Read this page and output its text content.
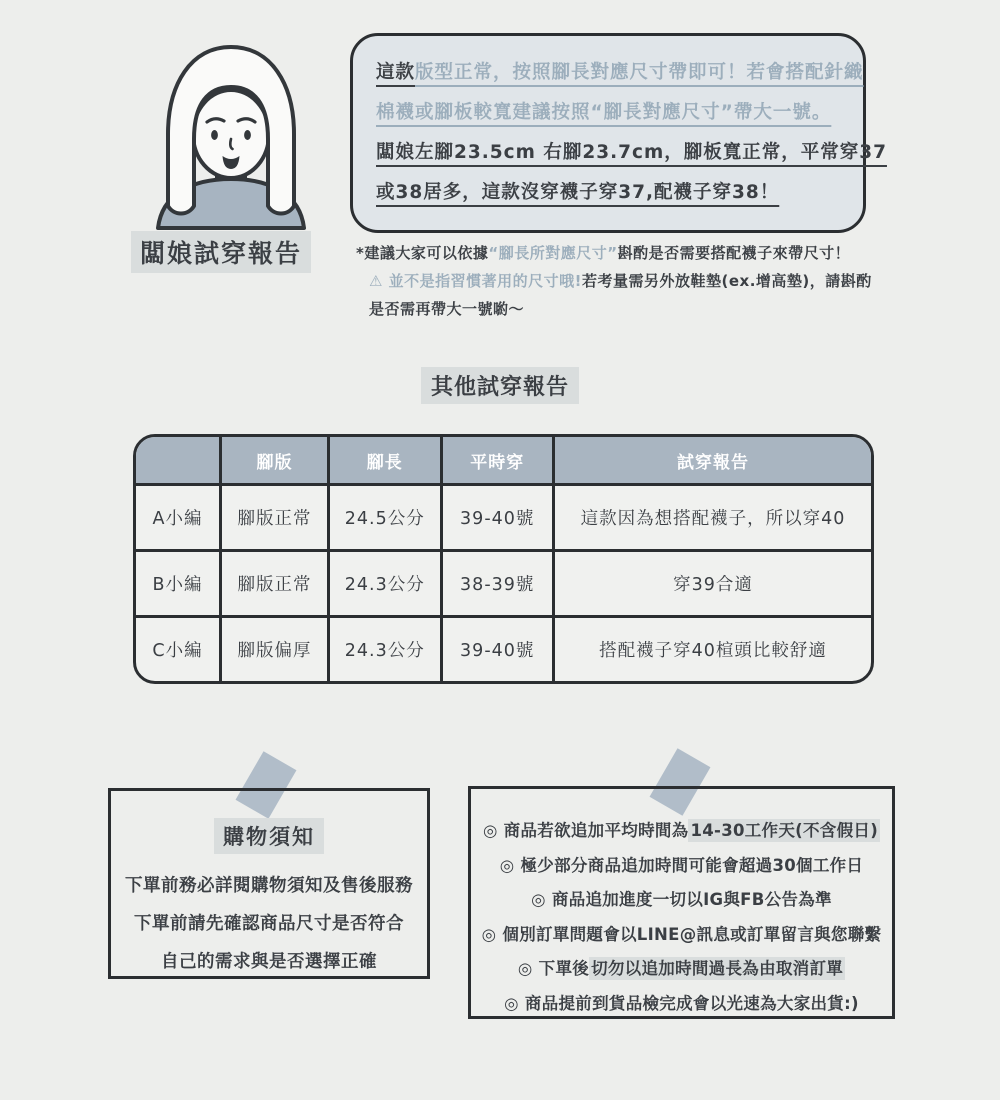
闆娘試穿報告
這款版型正常，按照腳長對應尺寸帶即可！若會搭配針織
棉襪或腳板較寬建議按照“腳長對應尺寸”帶大一號。
闆娘左腳23.5cm 右腳23.7cm，腳板寬正常，平常穿37
或38居多，這款沒穿襪子穿37,配襪子穿38！
*建議大家可以依據“腳長所對應尺寸”斟酌是否需要搭配襪子來帶尺寸！
⚠ 並不是指習慣著用的尺寸哦!若考量需另外放鞋墊(ex.增高墊)，請斟酌
是否需再帶大一號喲～
其他試穿報告
	腳版	腳長	平時穿	試穿報告
A小編	腳版正常	24.5公分	39-40號	這款因為想搭配襪子，所以穿40
B小編	腳版正常	24.3公分	38-39號	穿39合適
C小編	腳版偏厚	24.3公分	39-40號	搭配襪子穿40楦頭比較舒適
購物須知
下單前務必詳閱購物須知及售後服務
下單前請先確認商品尺寸是否符合
自己的需求與是否選擇正確
◎ 商品若欲追加平均時間為 14-30工作天(不含假日)
◎ 極少部分商品追加時間可能會超過30個工作日
◎ 商品追加進度一切以IG與FB公告為準
◎ 個別訂單問題會以LINE@訊息或訂單留言與您聯繫
◎ 下單後 切勿以追加時間過長為由取消訂單
◎ 商品提前到貨品檢完成會以光速為大家出貨:)
